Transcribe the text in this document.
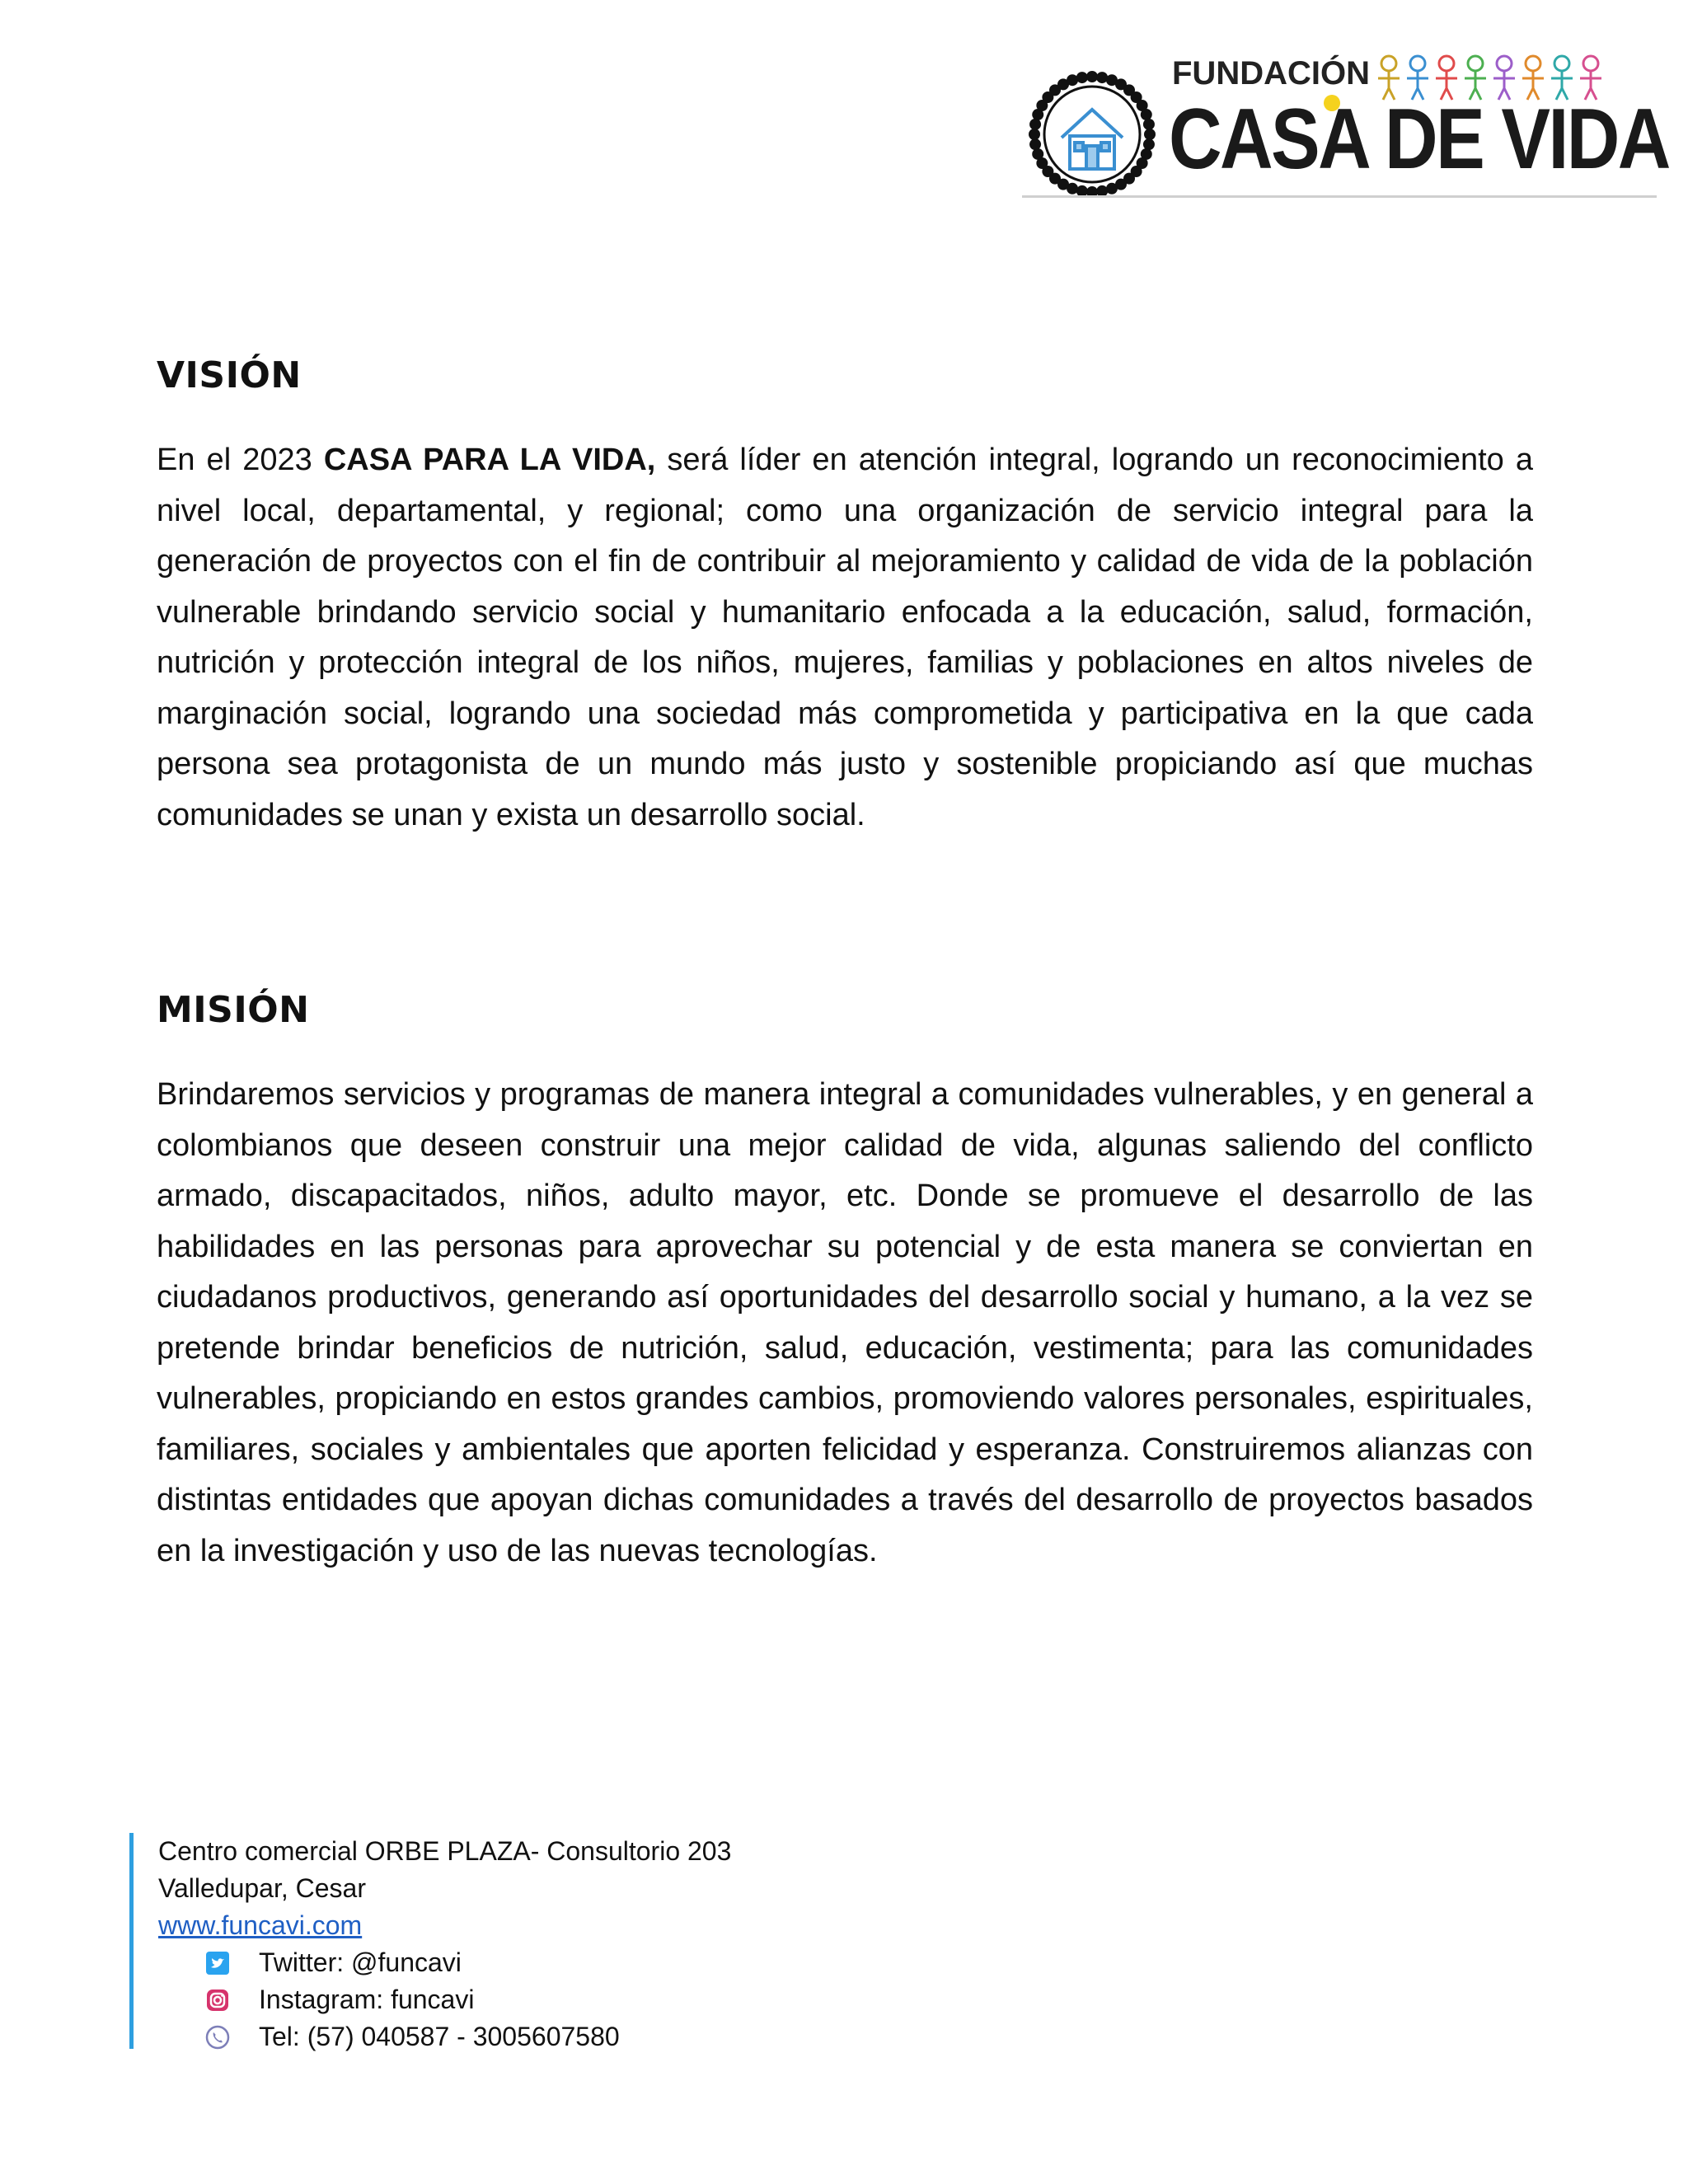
FUNDACIÓN
CASA DE VIDA
VISIÓN

En el 2023 CASA PARA LA VIDA, será líder en atención integral, logrando un reconocimiento a nivel local, departamental, y regional; como una organización de servicio integral para la generación de proyectos con el fin de contribuir al mejoramiento y calidad de vida de la población vulnerable brindando servicio social y humanitario enfocada a la educación, salud, formación, nutrición y protección integral de los niños, mujeres, familias y poblaciones en altos niveles de marginación social, logrando una sociedad más comprometida y participativa en la que cada persona sea protagonista de un mundo más justo y sostenible propiciando así que muchas comunidades se unan y exista un desarrollo social.

MISIÓN

Brindaremos servicios y programas de manera integral a comunidades vulnerables, y en general a colombianos que deseen construir una mejor calidad de vida, algunas saliendo del conflicto armado, discapacitados, niños, adulto mayor, etc. Donde se promueve el desarrollo de las habilidades en las personas para aprovechar su potencial y de esta manera se conviertan en ciudadanos productivos, generando así oportunidades del desarrollo social y humano, a la vez se pretende brindar beneficios de nutrición, salud, educación, vestimenta; para las comunidades vulnerables, propiciando en estos grandes cambios, promoviendo valores personales, espirituales, familiares, sociales y ambientales que aporten felicidad y esperanza. Construiremos alianzas con distintas entidades que apoyan dichas comunidades a través del desarrollo de proyectos basados en la investigación y uso de las nuevas tecnologías.

Centro comercial ORBE PLAZA- Consultorio 203
Valledupar, Cesar
www.funcavi.com
Twitter: @funcavi
Instagram: funcavi
Tel: (57) 040587 - 3005607580
